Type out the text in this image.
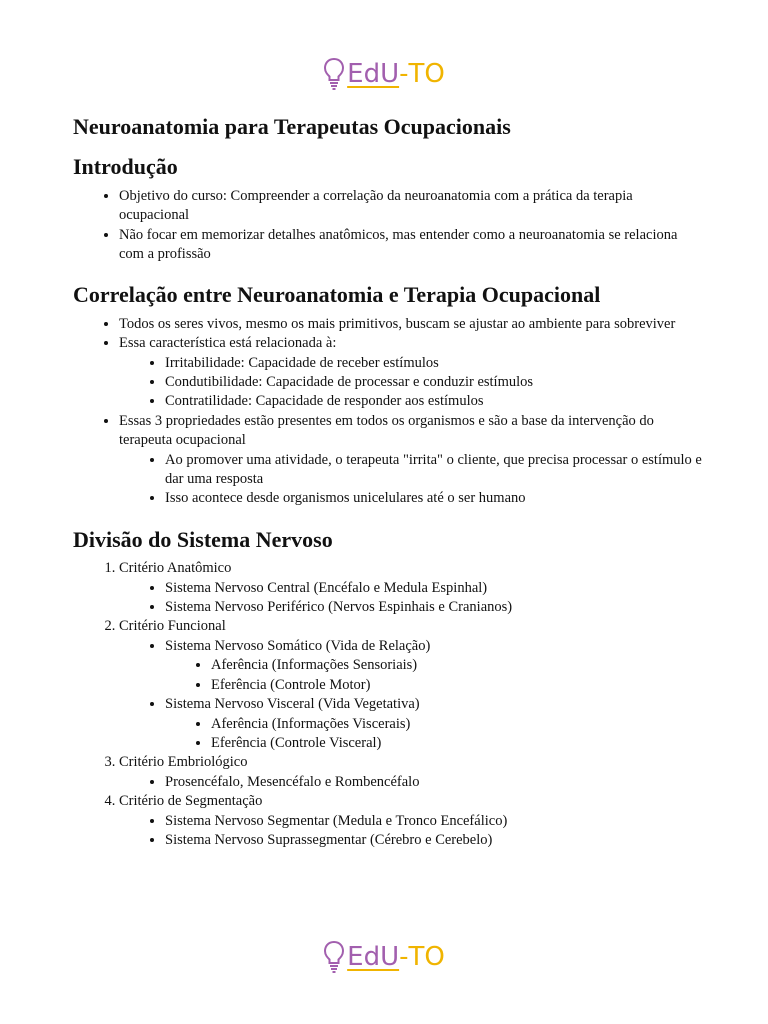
EdU - TO
Neuroanatomia para Terapeutas Ocupacionais
Introdução
• Objetivo do curso: Compreender a correlação da neuroanatomia com a prática da terapia ocupacional
• Não focar em memorizar detalhes anatômicos, mas entender como a neuroanatomia se relaciona com a profissão
Correlação entre Neuroanatomia e Terapia Ocupacional
• Todos os seres vivos, mesmo os mais primitivos, buscam se ajustar ao ambiente para sobreviver
• Essa característica está relacionada à:
• Irritabilidade: Capacidade de receber estímulos
• Condutibilidade: Capacidade de processar e conduzir estímulos
• Contratilidade: Capacidade de responder aos estímulos
• Essas 3 propriedades estão presentes em todos os organismos e são a base da intervenção do terapeuta ocupacional
• Ao promover uma atividade, o terapeuta "irrita" o cliente, que precisa processar o estímulo e dar uma resposta
• Isso acontece desde organismos unicelulares até o ser humano
Divisão do Sistema Nervoso
1. Critério Anatômico
• Sistema Nervoso Central (Encéfalo e Medula Espinhal)
• Sistema Nervoso Periférico (Nervos Espinhais e Cranianos)
2. Critério Funcional
• Sistema Nervoso Somático (Vida de Relação)
• Aferência (Informações Sensoriais)
• Eferência (Controle Motor)
• Sistema Nervoso Visceral (Vida Vegetativa)
• Aferência (Informações Viscerais)
• Eferência (Controle Visceral)
3. Critério Embriológico
• Prosencéfalo, Mesencéfalo e Rombencéfalo
4. Critério de Segmentação
• Sistema Nervoso Segmentar (Medula e Tronco Encefálico)
• Sistema Nervoso Suprassegmentar (Cérebro e Cerebelo)
EdU - TO
